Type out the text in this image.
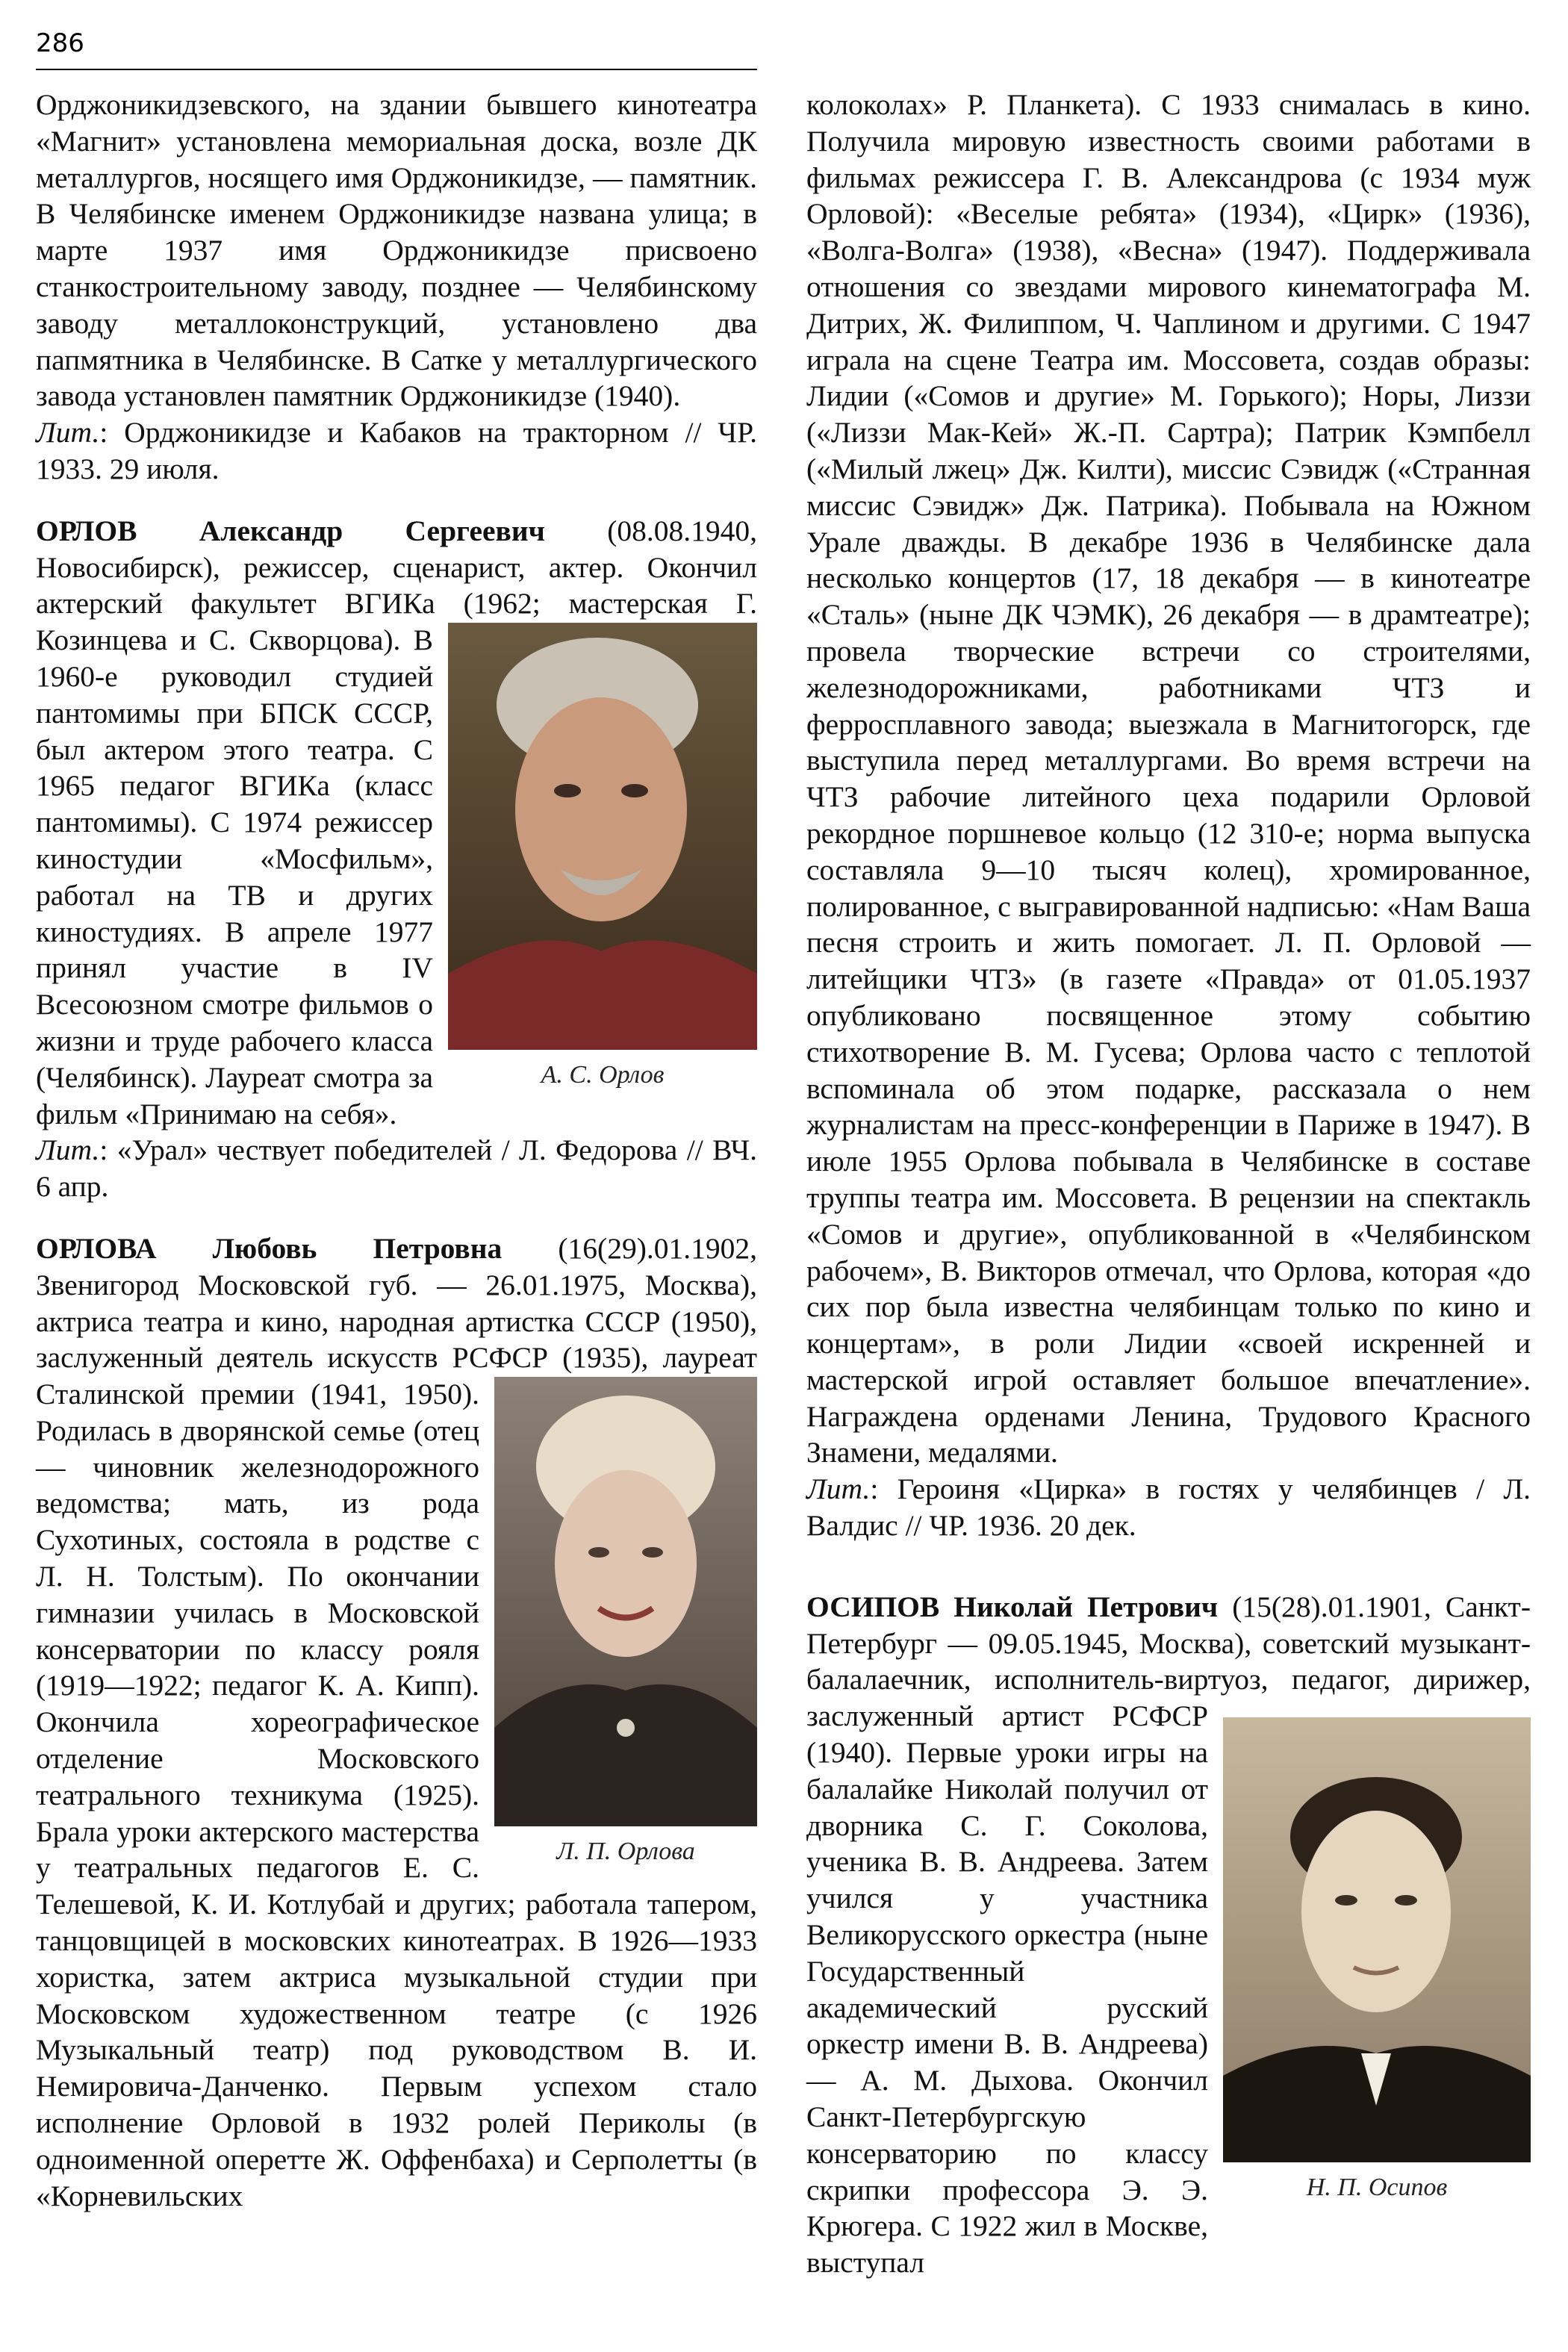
286

Орджоникидзевского, на здании бывшего кинотеатра «Магнит» установлена мемориальная доска, возле ДК металлургов, носящего имя Орджоникидзе, — памятник. В Челябинске именем Орджоникидзе названа улица; в марте 1937 имя Орджоникидзе присвоено станкостроительному заводу, позднее — Челябинскому заводу металлоконструкций, установлено два папмятника в Челябинске. В Сатке у металлургического завода установлен памятник Орджоникидзе (1940).

Лит.: Орджоникидзе и Кабаков на тракторном // ЧР. 1933. 29 июля.

ОРЛОВ Александр Сергеевич (08.08.1940, Новосибирск), режиссер, сценарист, актер. Окончил актерский факультет ВГИКа (1962; мастерская Г. Козинцева и С. Скворцова). В 1960-е руководил студией пантомимы при БПСК СССР, был актером этого театра. С 1965 педагог ВГИКа (класс пантомимы). С 1974 режиссер киностудии «Мосфильм», работал на ТВ и других киностудиях. В апреле 1977 принял участие в IV Всесоюзном смотре фильмов о жизни и труде рабочего класса (Челябинск). Лауреат смотра за фильм «Принимаю на себя».

Лит.: «Урал» чествует победителей / Л. Федорова // ВЧ. 6 апр.

ОРЛОВА Любовь Петровна (16(29).01.1902, Звенигород Московской губ. — 26.01.1975, Москва), актриса театра и кино, народная артистка СССР (1950), заслуженный деятель искусств РСФСР (1935), лауреат Сталинской премии (1941, 1950). Родилась в дворянской семье (отец — чиновник железнодорожного ведомства; мать, из рода Сухотиных, состояла в родстве с Л. Н. Толстым). По окончании гимназии училась в Московской консерватории по классу рояля (1919—1922; педагог К. А. Кипп). Окончила хореографическое отделение Московского театрального техникума (1925). Брала уроки актерского мастерства у театральных педагогов Е. С. Телешевой, К. И. Котлубай и других; работала тапером, танцовщицей в московских кинотеатрах. В 1926—1933 хористка, затем актриса музыкальной студии при Московском художественном театре (с 1926 Музыкальный театр) под руководством В. И. Немировича-Данченко. Первым успехом стало исполнение Орловой в 1932 ролей Периколы (в одноименной оперетте Ж. Оффенбаха) и Серполетты (в «Корневильских

А. С. Орлов
Л. П. Орлова
Н. П. Осипов

колоколах» Р. Планкета). С 1933 снималась в кино. Получила мировую известность своими работами в фильмах режиссера Г. В. Александрова (с 1934 муж Орловой): «Веселые ребята» (1934), «Цирк» (1936), «Волга-Волга» (1938), «Весна» (1947). Поддерживала отношения со звездами мирового кинематографа М. Дитрих, Ж. Филиппом, Ч. Чаплином и другими. С 1947 играла на сцене Театра им. Моссовета, создав образы: Лидии («Сомов и другие» М. Горького); Норы, Лиззи («Лиззи Мак-Кей» Ж.-П. Сартра); Патрик Кэмпбелл («Милый лжец» Дж. Килти), миссис Сэвидж («Странная миссис Сэвидж» Дж. Патрика). Побывала на Южном Урале дважды. В декабре 1936 в Челябинске дала несколько концертов (17, 18 декабря — в кинотеатре «Сталь» (ныне ДК ЧЭМК), 26 декабря — в драмтеатре); провела творческие встречи со строителями, железнодорожниками, работниками ЧТЗ и ферросплавного завода; выезжала в Магнитогорск, где выступила перед металлургами. Во время встречи на ЧТЗ рабочие литейного цеха подарили Орловой рекордное поршневое кольцо (12 310-е; норма выпуска составляла 9—10 тысяч колец), хромированное, полированное, с выгравированной надписью: «Нам Ваша песня строить и жить помогает. Л. П. Орловой — литейщики ЧТЗ» (в газете «Правда» от 01.05.1937 опубликовано посвященное этому событию стихотворение В. М. Гусева; Орлова часто с теплотой вспоминала об этом подарке, рассказала о нем журналистам на пресс-конференции в Париже в 1947). В июле 1955 Орлова побывала в Челябинске в составе труппы театра им. Моссовета. В рецензии на спектакль «Сомов и другие», опубликованной в «Челябинском рабочем», В. Викторов отмечал, что Орлова, которая «до сих пор была известна челябинцам только по кино и концертам», в роли Лидии «своей искренней и мастерской игрой оставляет большое впечатление». Награждена орденами Ленина, Трудового Красного Знамени, медалями.

Лит.: Героиня «Цирка» в гостях у челябинцев / Л. Валдис // ЧР. 1936. 20 дек.

ОСИПОВ Николай Петрович (15(28).01.1901, Санкт-Петербург — 09.05.1945, Москва), советский музыкант-балалаечник, исполнитель-виртуоз, педагог, дирижер, заслуженный артист РСФСР (1940). Первые уроки игры на балалайке Николай получил от дворника С. Г. Соколова, ученика В. В. Андреева. Затем учился у участника Великорусского оркестра (ныне Государственный академический русский оркестр имени В. В. Андреева) — А. М. Дыхова. Окончил Санкт-Петербургскую консерваторию по классу скрипки профессора Э. Э. Крюгера. С 1922 жил в Москве, выступал
